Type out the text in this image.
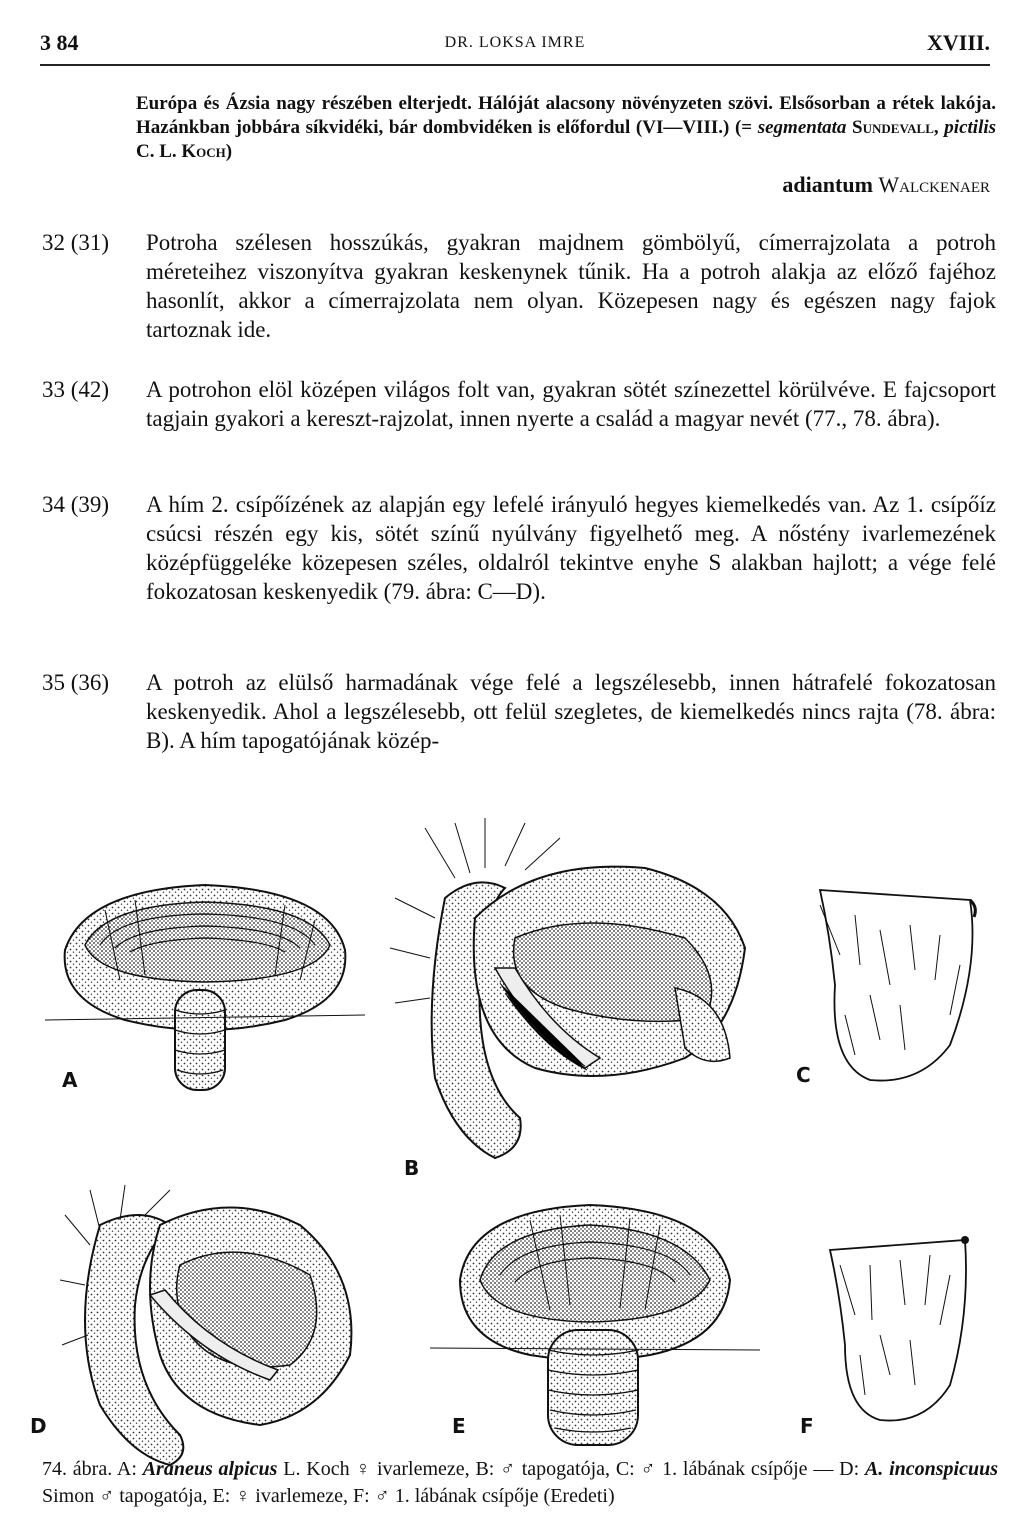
3 84	DR. LOKSA IMRE	XVIII.

Európa és Ázsia nagy részében elterjedt. Hálóját alacsony növényzeten szövi. Elsősorban a rétek lakója. Hazánkban jobbára síkvidéki, bár dombvidéken is előfordul (VI—VIII.) (= segmentata Sundevall, pictilis C. L. Koch)

adiantum Walckenaer
32 (31) Potroha szélesen hosszúkás, gyakran majdnem gömbölyű, címerrajzolata a potroh méreteihez viszonyítva gyakran keskenynek tűnik. Ha a potroh alakja az előző fajéhoz hasonlít, akkor a címerrajzolata nem olyan. Közepesen nagy és egészen nagy fajok tartoznak ide.
33 (42) A potrohon elöl középen világos folt van, gyakran sötét színezettel körülvéve. E fajcsoport tagjain gyakori a kereszt-rajzolat, innen nyerte a család a magyar nevét (77., 78. ábra).
34 (39) A hím 2. csípőízének az alapján egy lefelé irányuló hegyes kiemelkedés van. Az 1. csípőíz csúcsi részén egy kis, sötét színű nyúlvány figyelhető meg. A nőstény ivarlemezének középfüggeléke közepesen széles, oldalról tekintve enyhe S alakban hajlott; a vége felé fokozatosan keskenyedik (79. ábra: C—D).
35 (36) A potroh az elülső harmadának vége felé a legszélesebb, innen hátrafelé fokozatosan keskenyedik. Ahol a legszélesebb, ott felül szegletes, de kiemelkedés nincs rajta (78. ábra: B). A hím tapogatójának közép-
A
B
C
D	E	F
74. ábra. A: Araneus alpicus L. Koch ♀ ivarlemeze, B: ♂ tapogatója, C: ♂ 1. lábának csípője — D: A. inconspicuus Simon ♂ tapogatója, E: ♀ ivarlemeze, F: ♂ 1. lábának csípője (Eredeti)
